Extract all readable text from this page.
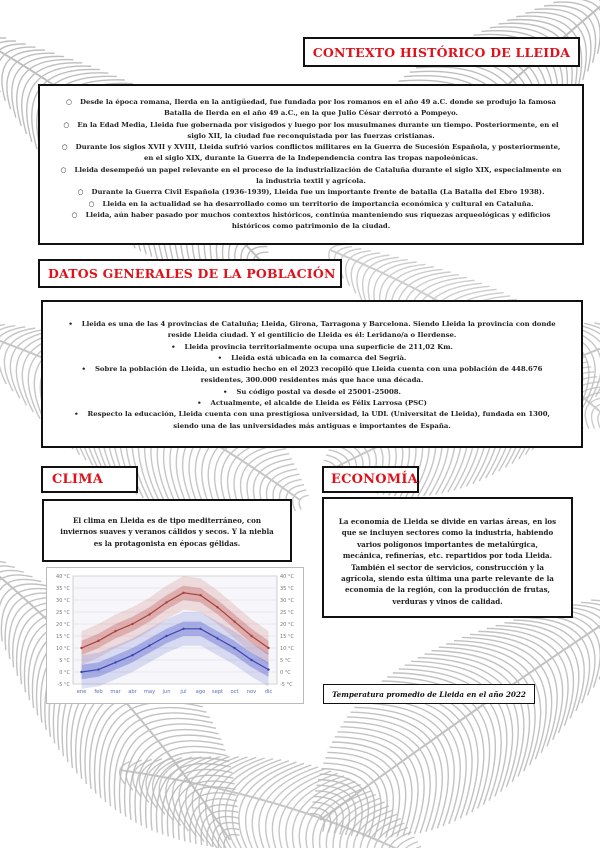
CONTEXTO HISTÓRICO DE LLEIDA
○ Desde la época romana, Ilerda en la antigüedad, fue fundada por los romanos en el año 49 a.C. donde se produjo la famosa Batalla de Ilerda en el año 49 a.C., en la que Julio César derrotó a Pompeyo.
○ En la Edad Media, Lleida fue gobernada por visigodos y luego por los musulmanes durante un tiempo. Posteriormente, en el siglo XII, la ciudad fue reconquistada por las fuerzas cristianas.
○ Durante los siglos XVII y XVIII, Lleida sufrió varios conflictos militares en la Guerra de Sucesión Española, y posteriormente, en el siglo XIX, durante la Guerra de la Independencia contra las tropas napoleónicas.
○ Lleida desempeñó un papel relevante en el proceso de la industrialización de Cataluña durante el siglo XIX, especialmente en la industria textil y agrícola.
○ Durante la Guerra Civil Española (1936-1939), Lleida fue un importante frente de batalla (La Batalla del Ebro 1938).
○ Lleida en la actualidad se ha desarrollado como un territorio de importancia económica y cultural en Cataluña.
○ Lleida, aún haber pasado por muchos contextos históricos, continúa manteniendo sus riquezas arqueológicas y edificios históricos como patrimonio de la ciudad.
DATOS GENERALES DE LA POBLACIÓN
• Lleida es una de las 4 provincias de Cataluña; Lleida, Girona, Tarragona y Barcelona. Siendo Lleida la provincia con donde reside Lleida ciudad. Y el gentilicio de Lleida es él: Leridano/a o Ilerdense.
• Lleida provincia territorialmente ocupa una superficie de 211,02 Km.
• Lleida está ubicada en la comarca del Segrià.
• Sobre la población de Lleida, un estudio hecho en el 2023 recopiló que Lleida cuenta con una población de 448.676 residentes, 300.000 residentes más que hace una década.
• Su código postal va desde el 25001-25008.
• Actualmente, el alcalde de Lleida es Félix Larrosa (PSC)
• Respecto la educación, Lleida cuenta con una prestigiosa universidad, la UDL (Universitat de Lleida), fundada en 1300, siendo una de las universidades más antiguas e importantes de España.
CLIMA
El clima en Lleida es de tipo mediterráneo, con inviernos suaves y veranos cálidos y secos. Y la niebla es la protagonista en épocas gélidas.
40 °C	40 °C
35 °C	35 °C
30 °C	30 °C
25 °C	25 °C
20 °C	20 °C
15 °C	15 °C
10 °C	10 °C
5 °C	5 °C
0 °C	0 °C
-5 °C	-5 °C
ene feb mar abr may jun jul ago sept oct nov dic	Temperatura promedio de Lleida en el año 2022
ECONOMÍA
La economía de Lleida se divide en varias áreas, en los que se incluyen sectores como la industria, habiendo varios polígonos importantes de metalúrgica, mecánica, refinerías, etc. repartidos por toda Lleida. También el sector de servicios, construcción y la agrícola, siendo esta última una parte relevante de la economía de la región, con la producción de frutas, verduras y vinos de calidad.
